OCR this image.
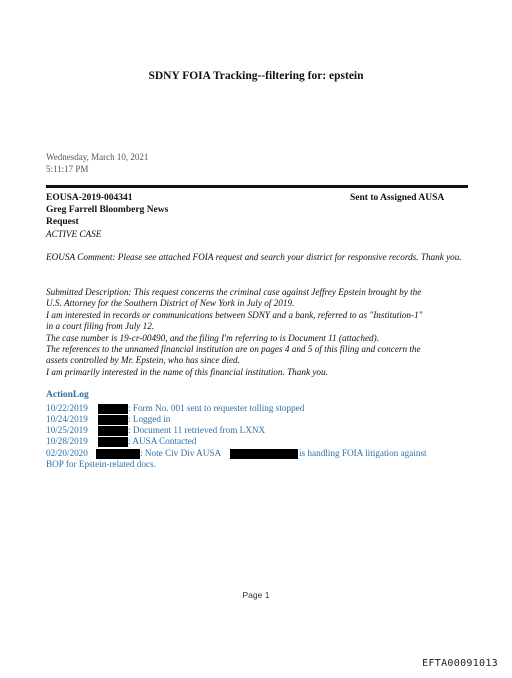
SDNY FOIA Tracking--filtering for: epstein
Wednesday, March 10, 2021
5:11:17 PM
EOUSA-2019-004341	Sent to Assigned AUSA
Greg Farrell Bloomberg News
Request
ACTIVE CASE
EOUSA Comment: Please see attached FOIA request and search your district for responsive records. Thank you.
Submitted Description: This request concerns the criminal case against Jeffrey Epstein brought by the
U.S. Attorney for the Southern District of New York in July of 2019.
I am interested in records or communications between SDNY and a bank, referred to as "Institution-1"
in a court filing from July 12.
The case number is 19-cr-00490, and the filing I'm referring to is Document 11 (attached).
The references to the unnamed financial institution are on pages 4 and 5 of this filing and concern the
assets controlled by Mr. Epstein, who has since died.
I am primarily interested in the name of this financial institution. Thank you.
ActionLog
10/22/2019	: Form No. 001 sent to requester tolling stopped
10/24/2019	: Logged in
10/25/2019	: Document 11 retrieved from LXNX
10/28/2019	: AUSA Contacted
02/20/2020	: Note Civ Div AUSA	is handling FOIA litigation against
BOP for Epstein-related docs.
Page 1
EFTA00091013
